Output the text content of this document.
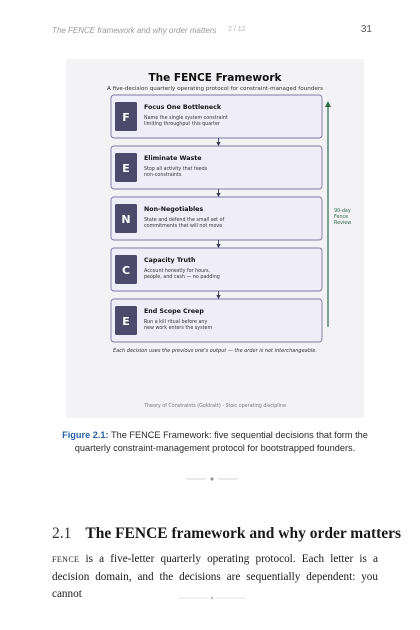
The FENCE framework and why order matters 2 / 12	31
The FENCE Framework
A five-decision quarterly operating protocol for constraint-managed founders
F
Focus One Bottleneck
Name the single system constraint
limiting throughput this quarter
E
Eliminate Waste
Stop all activity that feeds
non-constraints
N
Non-Negotiables
State and defend the small set of
commitments that will not move
C
Capacity Truth
Account honestly for hours,
people, and cash — no padding
E
End Scope Creep
Run a kill ritual before any
new work enters the system
90-day
Fence
Review
Each decision uses the previous one's output — the order is not interchangeable.
Theory of Constraints (Goldratt) · Stoic operating discipline
Figure 2.1: The FENCE Framework: five sequential decisions that form the quarterly constraint-management protocol for bootstrapped founders.
2.1 The FENCE framework and why order matters

fence is a five-letter quarterly operating protocol. Each letter is a decision domain, and the decisions are sequentially dependent: you cannot
